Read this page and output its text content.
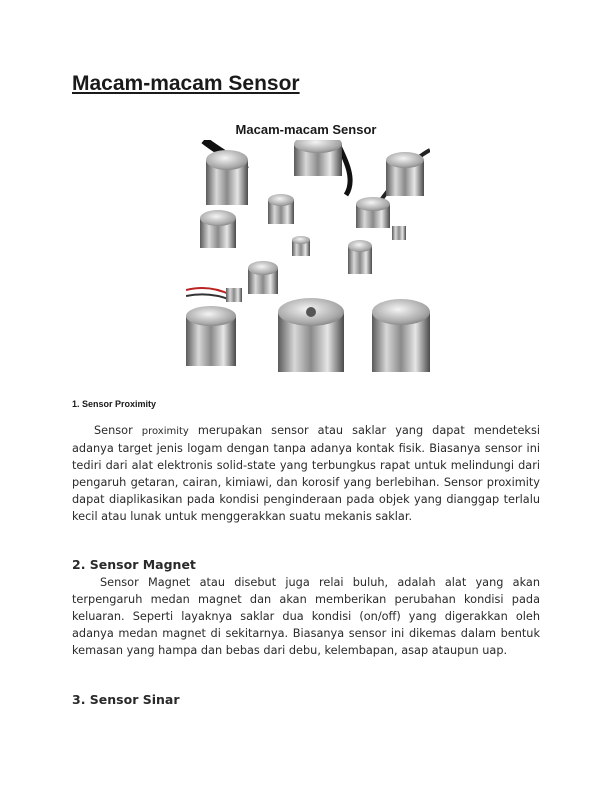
Macam-macam Sensor

Macam-macam Sensor

1. Sensor Proximity

Sensor proximity merupakan sensor atau saklar yang dapat mendeteksi adanya target jenis logam dengan tanpa adanya kontak fisik. Biasanya sensor ini tediri dari alat elektronis solid-state yang terbungkus rapat untuk melindungi dari pengaruh getaran, cairan, kimiawi, dan korosif yang berlebihan. Sensor proximity dapat diaplikasikan pada kondisi penginderaan pada objek yang dianggap terlalu kecil atau lunak untuk menggerakkan suatu mekanis saklar.

2. Sensor Magnet

Sensor Magnet atau disebut juga relai buluh, adalah alat yang akan terpengaruh medan magnet dan akan memberikan perubahan kondisi pada keluaran. Seperti layaknya saklar dua kondisi (on/off) yang digerakkan oleh adanya medan magnet di sekitarnya. Biasanya sensor ini dikemas dalam bentuk kemasan yang hampa dan bebas dari debu, kelembapan, asap ataupun uap.

3. Sensor Sinar
